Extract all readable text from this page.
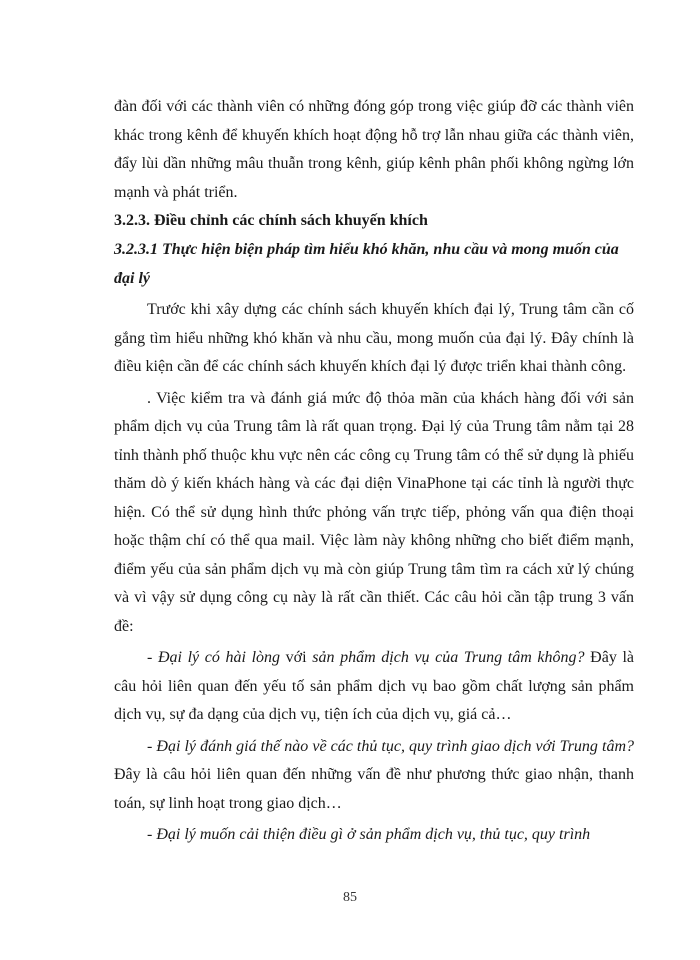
đàn đối với các thành viên có những đóng góp trong việc giúp đỡ các thành viên khác trong kênh để khuyến khích hoạt động hỗ trợ lẫn nhau giữa các thành viên, đẩy lùi dần những mâu thuẫn trong kênh, giúp kênh phân phối không ngừng lớn mạnh và phát triển.

3.2.3. Điều chỉnh các chính sách khuyến khích

3.2.3.1 Thực hiện biện pháp tìm hiểu khó khăn, nhu cầu và mong muốn của đại lý

Trước khi xây dựng các chính sách khuyến khích đại lý, Trung tâm cần cố gắng tìm hiểu những khó khăn và nhu cầu, mong muốn của đại lý. Đây chính là điều kiện cần để các chính sách khuyến khích đại lý được triển khai thành công.

. Việc kiểm tra và đánh giá mức độ thỏa mãn của khách hàng đối với sản phẩm dịch vụ của Trung tâm là rất quan trọng. Đại lý của Trung tâm nằm tại 28 tỉnh thành phố thuộc khu vực nên các công cụ Trung tâm có thể sử dụng là phiếu thăm dò ý kiến khách hàng và các đại diện VinaPhone tại các tỉnh là người thực hiện. Có thể sử dụng hình thức phỏng vấn trực tiếp, phỏng vấn qua điện thoại hoặc thậm chí có thể qua mail. Việc làm này không những cho biết điểm mạnh, điểm yếu của sản phẩm dịch vụ mà còn giúp Trung tâm tìm ra cách xử lý chúng và vì vậy sử dụng công cụ này là rất cần thiết. Các câu hỏi cần tập trung 3 vấn đề:

- Đại lý có hài lòng với sản phẩm dịch vụ của Trung tâm không? Đây là câu hỏi liên quan đến yếu tố sản phẩm dịch vụ bao gồm chất lượng sản phẩm dịch vụ, sự đa dạng của dịch vụ, tiện ích của dịch vụ, giá cả…

- Đại lý đánh giá thế nào về các thủ tục, quy trình giao dịch với Trung tâm? Đây là câu hỏi liên quan đến những vấn đề như phương thức giao nhận, thanh toán, sự linh hoạt trong giao dịch…

- Đại lý muốn cải thiện điều gì ở sản phẩm dịch vụ, thủ tục, quy trình

85
